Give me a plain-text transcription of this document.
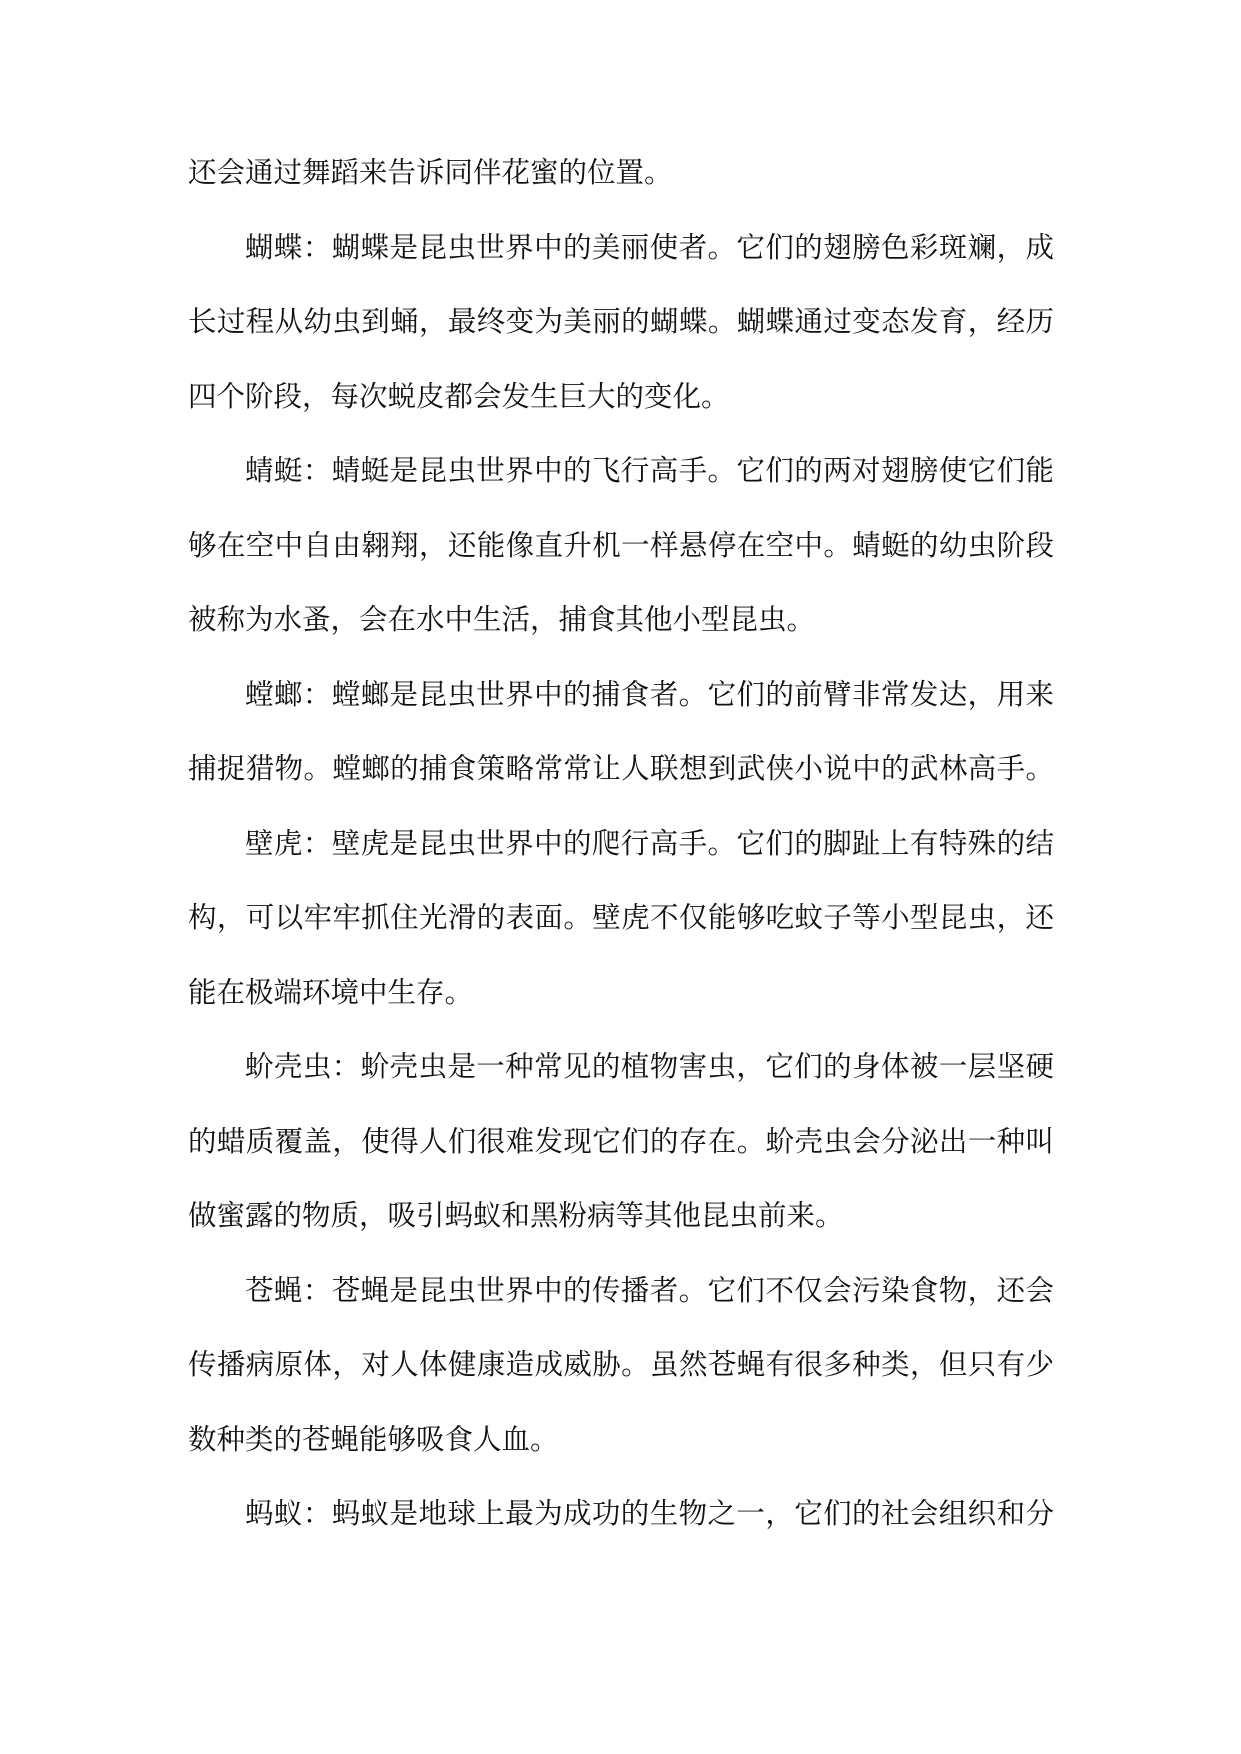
还会通过舞蹈来告诉同伴花蜜的位置。
蝴蝶：蝴蝶是昆虫世界中的美丽使者。它们的翅膀色彩斑斓，成
长过程从幼虫到蛹，最终变为美丽的蝴蝶。蝴蝶通过变态发育，经历
四个阶段，每次蜕皮都会发生巨大的变化。
蜻蜓：蜻蜓是昆虫世界中的飞行高手。它们的两对翅膀使它们能
够在空中自由翱翔，还能像直升机一样悬停在空中。蜻蜓的幼虫阶段
被称为水蚤，会在水中生活，捕食其他小型昆虫。
螳螂：螳螂是昆虫世界中的捕食者。它们的前臂非常发达，用来
捕捉猎物。螳螂的捕食策略常常让人联想到武侠小说中的武林高手。
壁虎：壁虎是昆虫世界中的爬行高手。它们的脚趾上有特殊的结
构，可以牢牢抓住光滑的表面。壁虎不仅能够吃蚊子等小型昆虫，还
能在极端环境中生存。
蚧壳虫：蚧壳虫是一种常见的植物害虫，它们的身体被一层坚硬
的蜡质覆盖，使得人们很难发现它们的存在。蚧壳虫会分泌出一种叫
做蜜露的物质，吸引蚂蚁和黑粉病等其他昆虫前来。
苍蝇：苍蝇是昆虫世界中的传播者。它们不仅会污染食物，还会
传播病原体，对人体健康造成威胁。虽然苍蝇有很多种类，但只有少
数种类的苍蝇能够吸食人血。
蚂蚁：蚂蚁是地球上最为成功的生物之一，它们的社会组织和分
